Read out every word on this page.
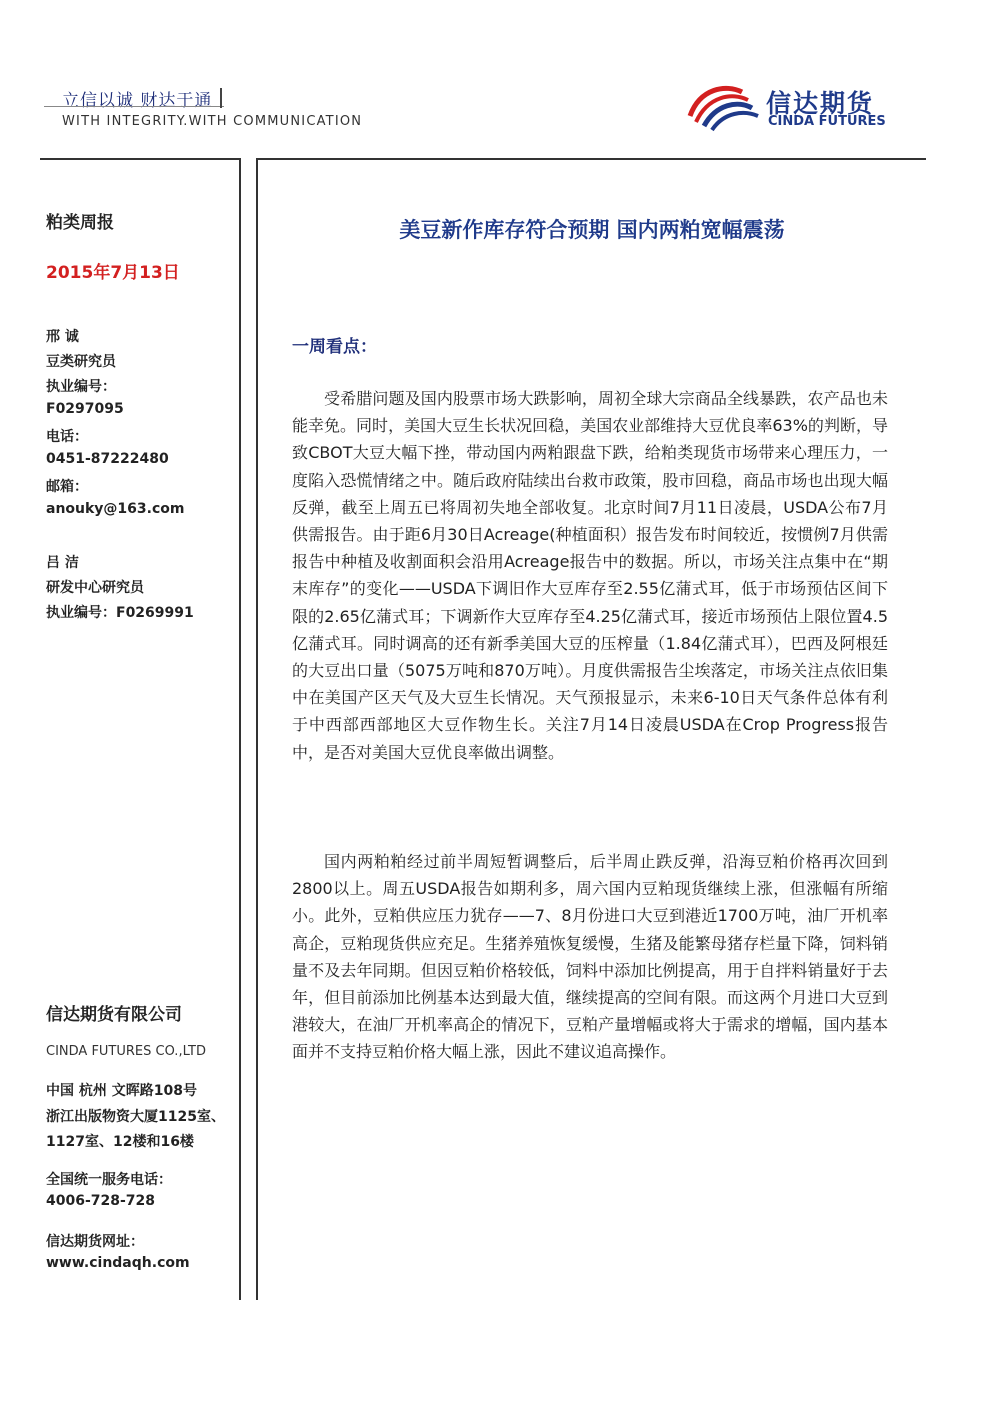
立信以诚 财达于通
WITH INTEGRITY.WITH COMMUNICATION
信达期货
CINDA FUTURES
粕类周报
2015年7月13日
邢 诚
豆类研究员
执业编号：
F0297095
电话：
0451-87222480
邮箱：
anouky@163.com
吕 洁
研发中心研究员
执业编号：F0269991
信达期货有限公司
CINDA FUTURES CO.,LTD
中国 杭州 文晖路108号
浙江出版物资大厦1125室、
1127室、12楼和16楼
全国统一服务电话：
4006-728-728
信达期货网址：
www.cindaqh.com
美豆新作库存符合预期 国内两粕宽幅震荡
一周看点：

受希腊问题及国内股票市场大跌影响，周初全球大宗商品全线暴跌，农产品也未能幸免。同时，美国大豆生长状况回稳，美国农业部维持大豆优良率63%的判断，导致CBOT大豆大幅下挫，带动国内两粕跟盘下跌，给粕类现货市场带来心理压力，一度陷入恐慌情绪之中。随后政府陆续出台救市政策，股市回稳，商品市场也出现大幅反弹，截至上周五已将周初失地全部收复。北京时间7月11日凌晨，USDA公布7月供需报告。由于距6月30日Acreage(种植面积）报告发布时间较近，按惯例7月供需报告中种植及收割面积会沿用Acreage报告中的数据。所以，市场关注点集中在“期末库存”的变化——USDA下调旧作大豆库存至2.55亿蒲式耳，低于市场预估区间下限的2.65亿蒲式耳；下调新作大豆库存至4.25亿蒲式耳，接近市场预估上限位置4.5亿蒲式耳。同时调高的还有新季美国大豆的压榨量（1.84亿蒲式耳），巴西及阿根廷的大豆出口量（5075万吨和870万吨）。月度供需报告尘埃落定，市场关注点依旧集中在美国产区天气及大豆生长情况。天气预报显示，未来6-10日天气条件总体有利于中西部西部地区大豆作物生长。关注7月14日凌晨USDA在Crop Progress报告中，是否对美国大豆优良率做出调整。

国内两粕粕经过前半周短暂调整后，后半周止跌反弹，沿海豆粕价格再次回到2800以上。周五USDA报告如期利多，周六国内豆粕现货继续上涨，但涨幅有所缩小。此外，豆粕供应压力犹存——7、8月份进口大豆到港近1700万吨，油厂开机率高企，豆粕现货供应充足。生猪养殖恢复缓慢，生猪及能繁母猪存栏量下降，饲料销量不及去年同期。但因豆粕价格较低，饲料中添加比例提高，用于自拌料销量好于去年，但目前添加比例基本达到最大值，继续提高的空间有限。而这两个月进口大豆到港较大，在油厂开机率高企的情况下，豆粕产量增幅或将大于需求的增幅，国内基本面并不支持豆粕价格大幅上涨，因此不建议追高操作。
